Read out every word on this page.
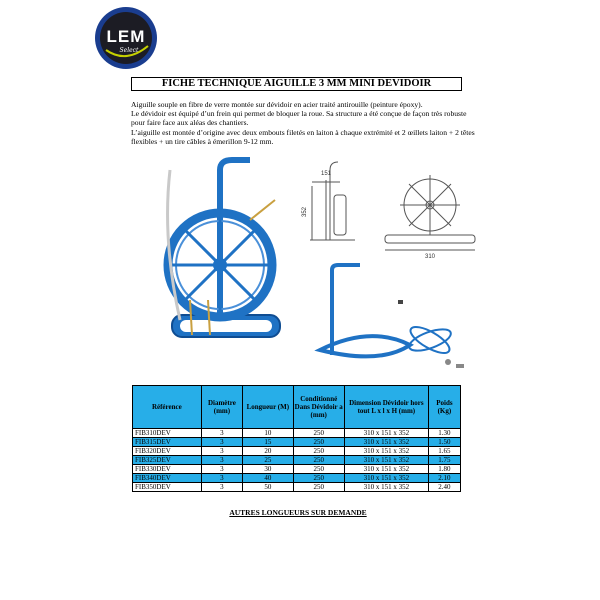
LEM
Select
FICHE TECHNIQUE AIGUILLE 3 MM MINI DEVIDOIR

Aiguille souple en fibre de verre montée sur dévidoir en acier traité antirouille (peinture époxy).

Le dévidoir est équipé d’un frein qui permet de bloquer la roue. Sa structure a été conçue de façon très robuste pour faire face aux aléas des chantiers.

L’aiguille est montée d’origine avec deux embouts filetés en laiton à chaque extrémité et 2 œillets laiton + 2 têtes flexibles + un tire câbles à émerillon 9-12 mm.

151
352
310
Référence	Diamètre (mm)	Longueur (M)	Conditionné Dans Dévidoir a (mm)	Dimension Dévidoir hors tout L x l x H (mm)	Poids (Kg)
FIB310DEV	3	10	250	310 x 151 x 352	1.30
FIB315DEV	3	15	250	310 x 151 x 352	1.50
FIB320DEV	3	20	250	310 x 151 x 352	1.65
FIB325DEV	3	25	250	310 x 151 x 352	1.75
FIB330DEV	3	30	250	310 x 151 x 352	1.80
FIB340DEV	3	40	250	310 x 151 x 352	2.10
FIB350DEV	3	50	250	310 x 151 x 352	2.40
AUTRES LONGUEURS SUR DEMANDE
